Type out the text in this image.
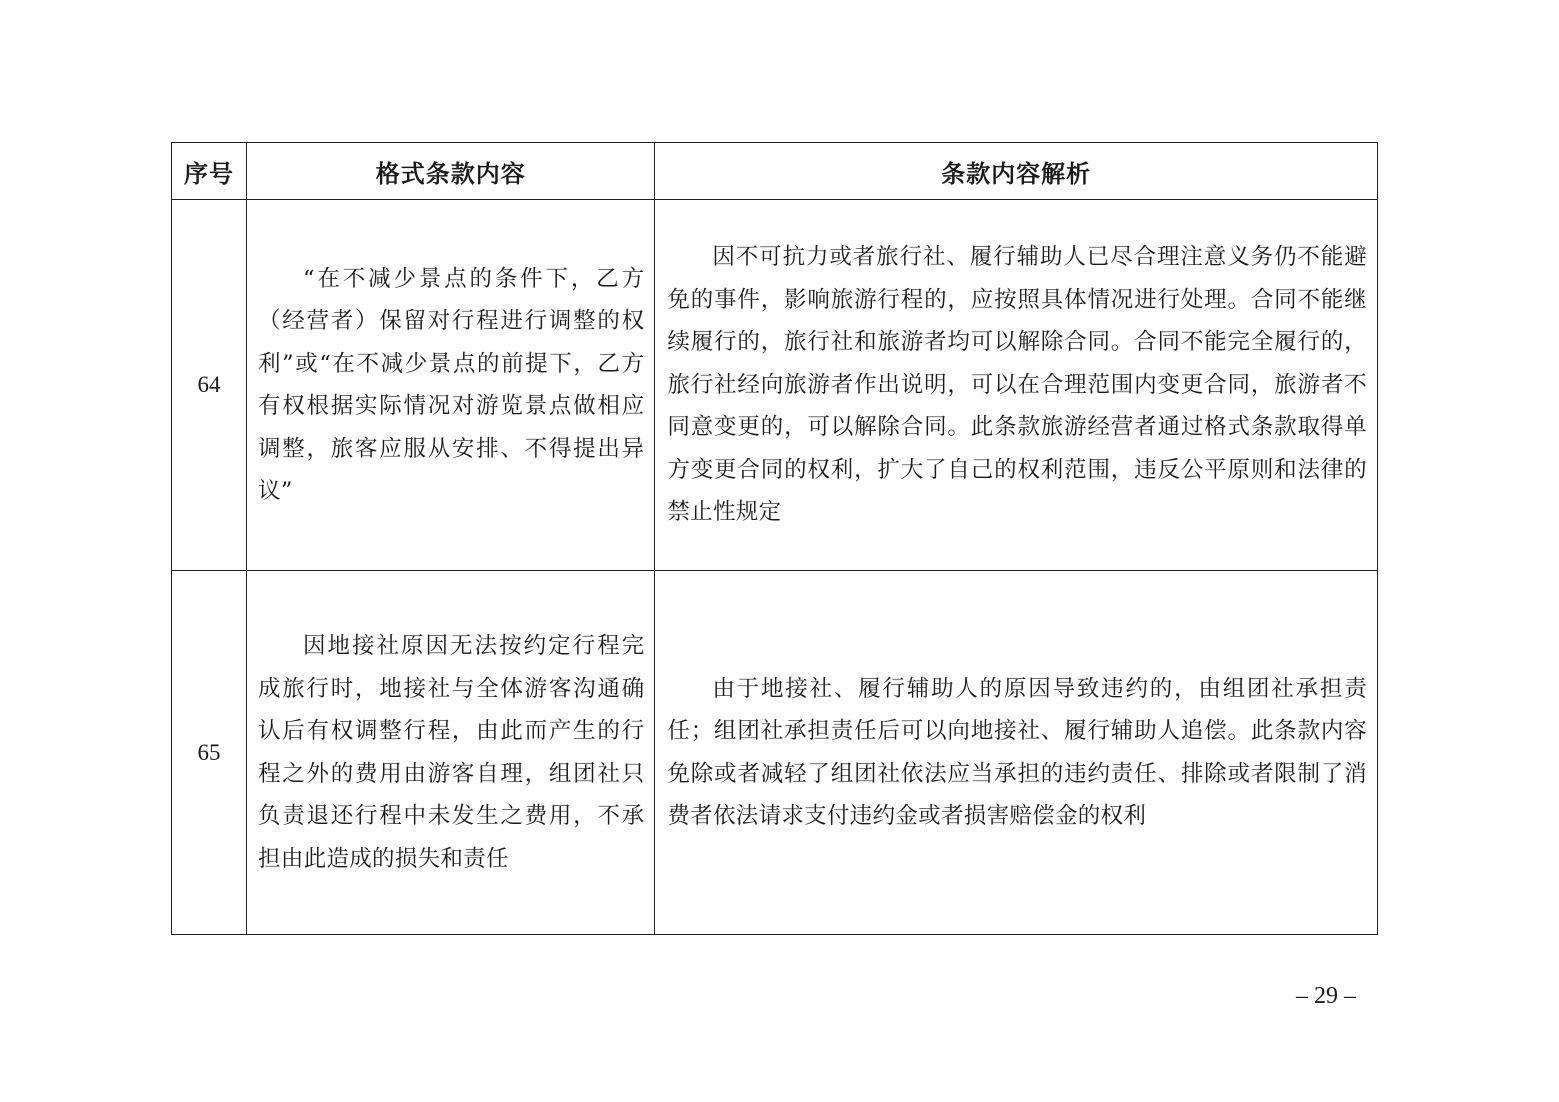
序号	格式条款内容	条款内容解析
64	“在不减少景点的条件下，乙方（经营者）保留对行程进行调整的权利”或“在不减少景点的前提下，乙方有权根据实际情况对游览景点做相应调整，旅客应服从安排、不得提出异议”	因不可抗力或者旅行社、履行辅助人已尽合理注意义务仍不能避免的事件，影响旅游行程的，应按照具体情况进行处理。合同不能继续履行的，旅行社和旅游者均可以解除合同。合同不能完全履行的，旅行社经向旅游者作出说明，可以在合理范围内变更合同，旅游者不同意变更的，可以解除合同。此条款旅游经营者通过格式条款取得单方变更合同的权利，扩大了自己的权利范围，违反公平原则和法律的禁止性规定

65	因地接社原因无法按约定行程完成旅行时，地接社与全体游客沟通确认后有权调整行程，由此而产生的行程之外的费用由游客自理，组团社只负责退还行程中未发生之费用，不承担由此造成的损失和责任	由于地接社、履行辅助人的原因导致违约的，由组团社承担责任；组团社承担责任后可以向地接社、履行辅助人追偿。此条款内容免除或者减轻了组团社依法应当承担的违约责任、排除或者限制了消费者依法请求支付违约金或者损害赔偿金的权利

– 29 –
